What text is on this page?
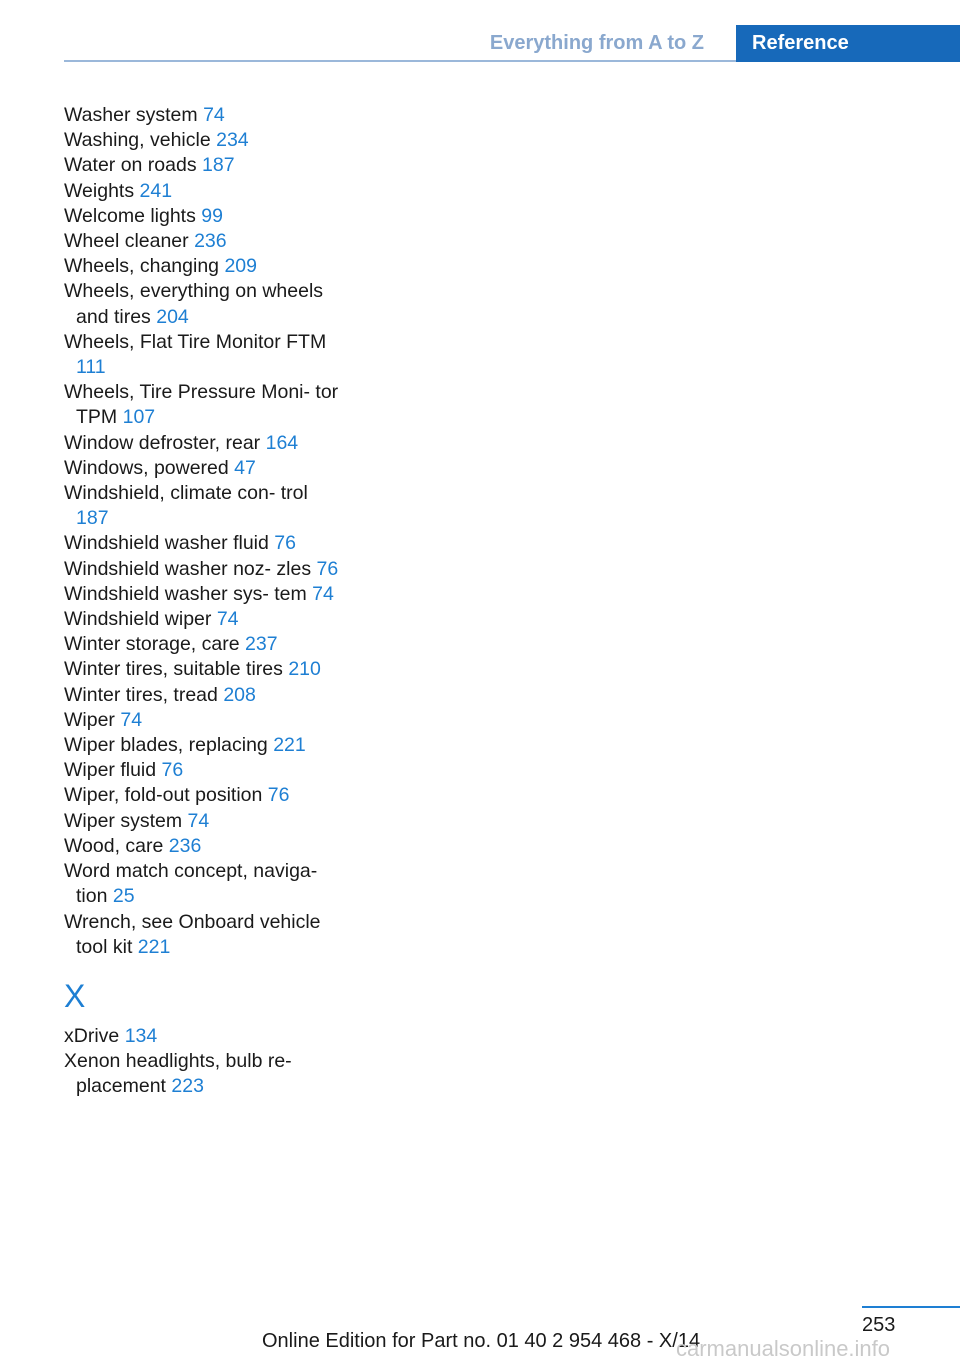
Everything from A to Z	Reference
Washer system 74
Washing, vehicle 234
Water on roads 187
Weights 241
Welcome lights 99
Wheel cleaner 236
Wheels, changing 209
Wheels, everything on wheels and tires 204
Wheels, Flat Tire Monitor FTM 111
Wheels, Tire Pressure Moni‑ tor TPM 107
Window defroster, rear 164
Windows, powered 47
Windshield, climate con‑ trol 187
Windshield washer fluid 76
Windshield washer noz‑ zles 76
Windshield washer sys‑ tem 74
Windshield wiper 74
Winter storage, care 237
Winter tires, suitable tires 210
Winter tires, tread 208
Wiper 74
Wiper blades, replacing 221
Wiper fluid 76
Wiper, fold-out position 76
Wiper system 74
Wood, care 236
Word match concept, naviga‑ tion 25
Wrench, see Onboard vehicle tool kit 221
X
xDrive 134
Xenon headlights, bulb re‑ placement 223
253
Online Edition for Part no. 01 40 2 954 468 - X/14
carmanualsonline.info
